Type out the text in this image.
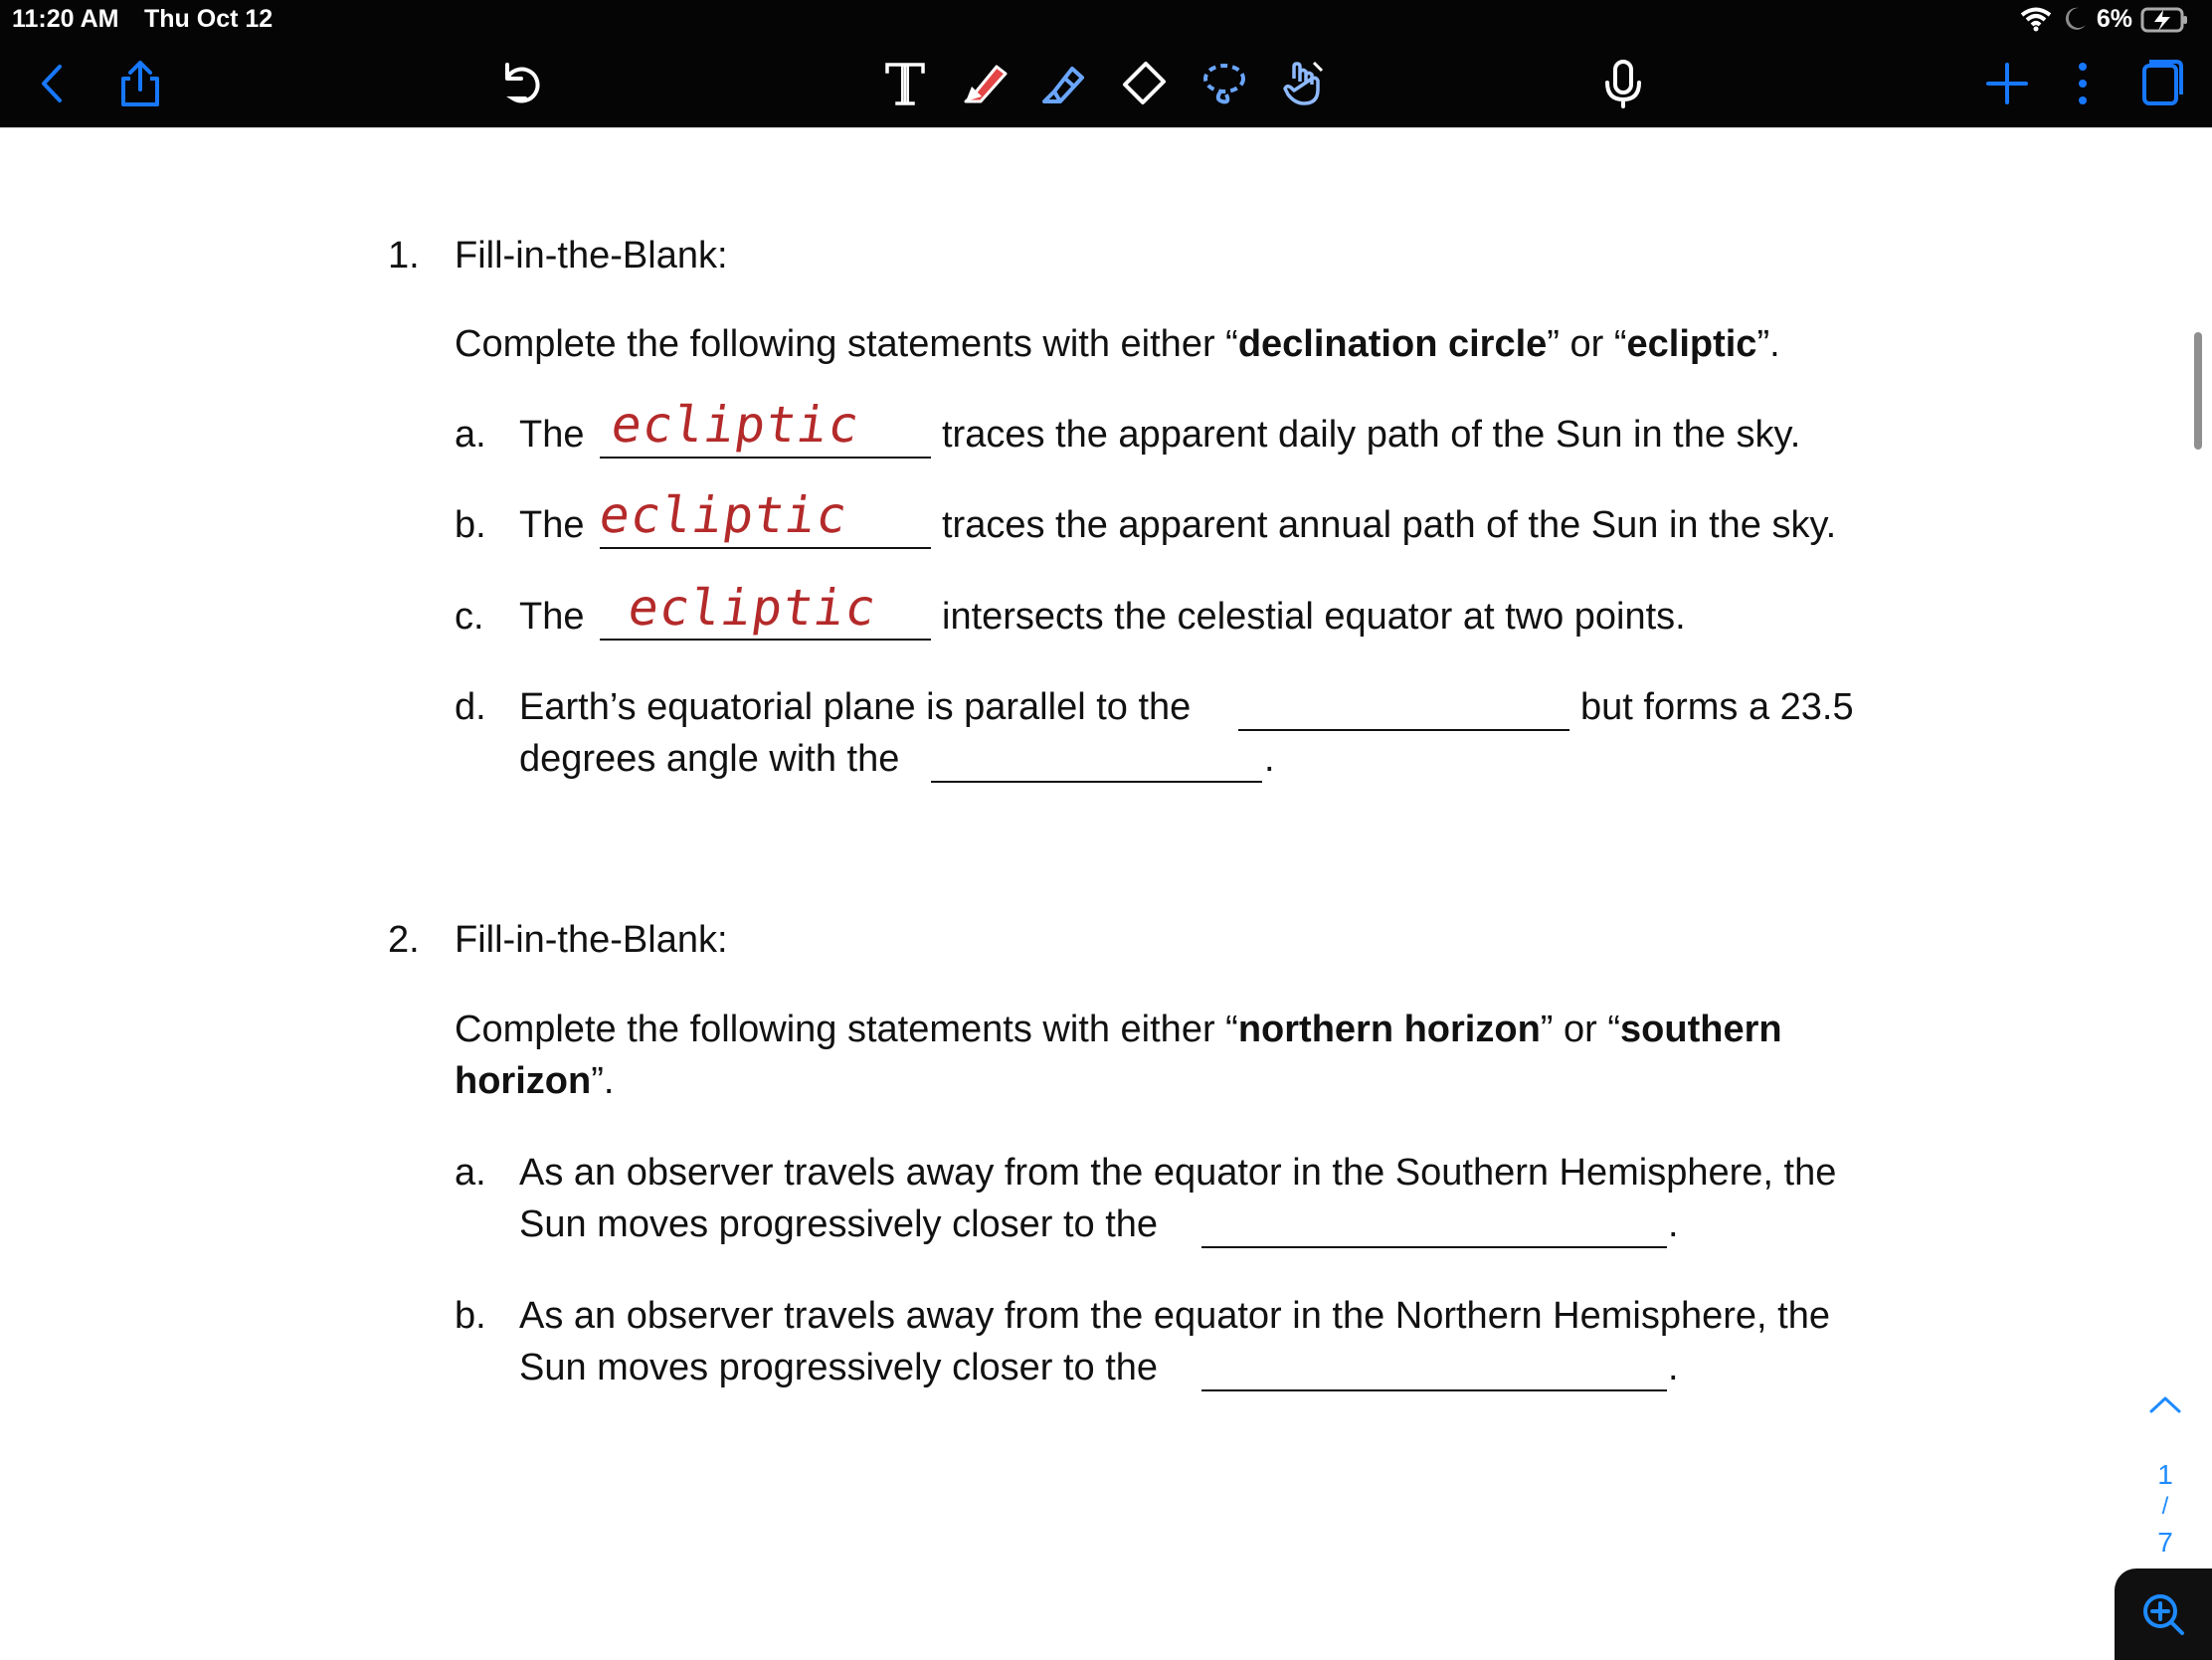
11:20 AM Thu Oct 12	6%
1. Fill-in-the-Blank:
Complete the following statements with either “declination circle” or “ecliptic”.
a. The ecliptic traces the apparent daily path of the Sun in the sky.
b. The ecliptic traces the apparent annual path of the Sun in the sky.
c. The ecliptic intersects the celestial equator at two points.
d. Earth’s equatorial plane is parallel to the	but forms a 23.5
degrees angle with the	.
2. Fill-in-the-Blank:
Complete the following statements with either “northern horizon” or “southern
horizon”.
a. As an observer travels away from the equator in the Southern Hemisphere, the
Sun moves progressively closer to the	.
b. As an observer travels away from the equator in the Northern Hemisphere, the
Sun moves progressively closer to the	.
1
/
7
